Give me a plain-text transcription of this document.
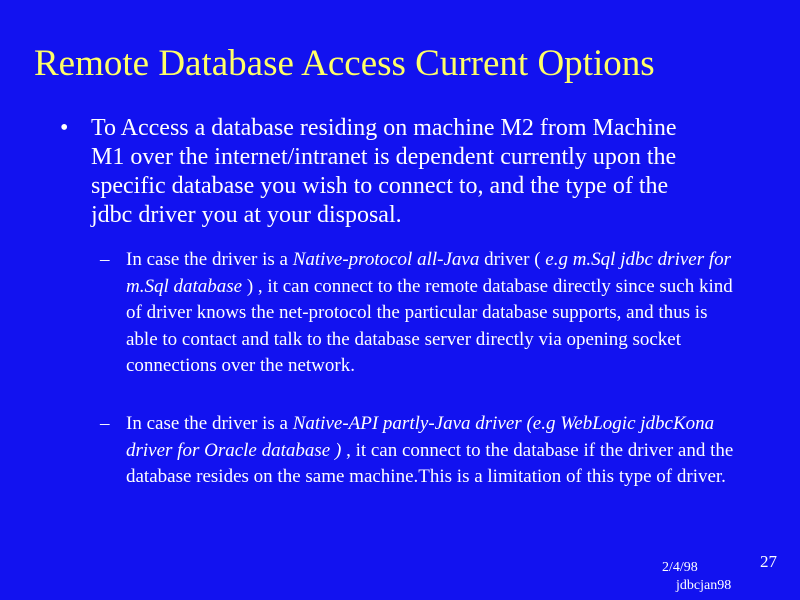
Remote Database Access Current Options
• To Access a database residing on machine M2 from Machine M1 over the internet/intranet is dependent currently upon the specific database you wish to connect to, and the type of the jdbc driver you at your disposal.
– In case the driver is a Native-protocol all-Java driver ( e.g m.Sql jdbc driver for m.Sql database ) , it can connect to the remote database directly since such kind of driver knows the net-protocol the particular database supports, and thus is able to contact and talk to the database server directly via opening socket connections over the network.
– In case the driver is a Native-API partly-Java driver (e.g WebLogic jdbcKona driver for Oracle database ) , it can connect to the database if the driver and the database resides on the same machine.This is a limitation of this type of driver.
2/4/98
jdbcjan98
27
